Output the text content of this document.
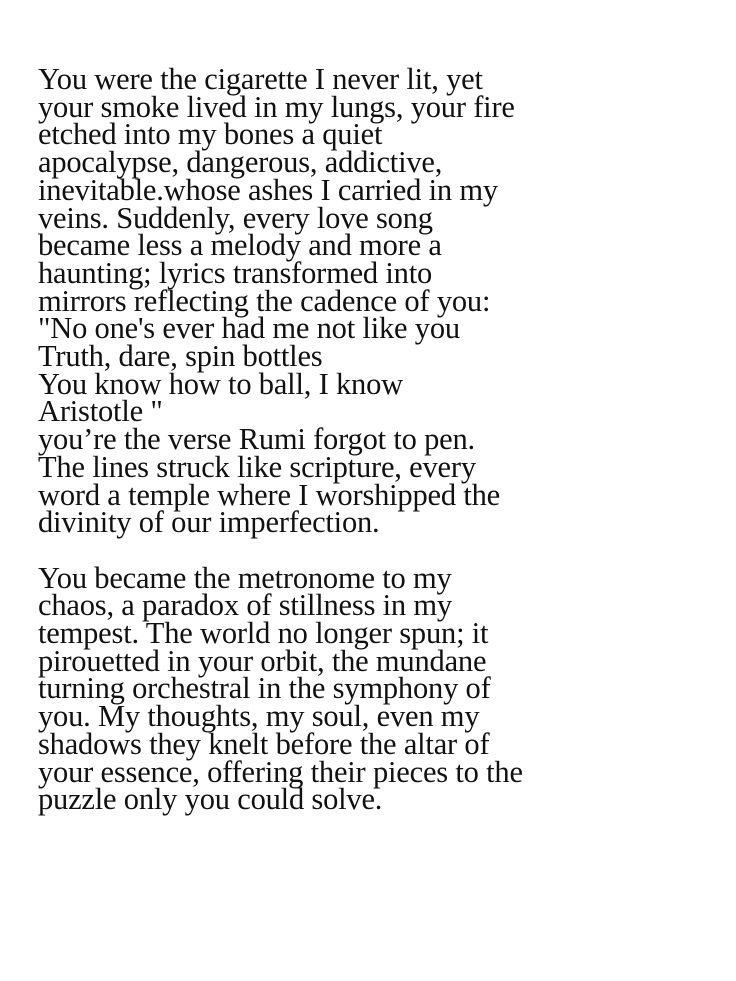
You were the cigarette I never lit, yet
your smoke lived in my lungs, your fire
etched into my bones a quiet
apocalypse, dangerous, addictive,
inevitable.whose ashes I carried in my
veins. Suddenly, every love song
became less a melody and more a
haunting; lyrics transformed into
mirrors reflecting the cadence of you:
"No one's ever had me not like you
Truth, dare, spin bottles
You know how to ball, I know
Aristotle "
you’re the verse Rumi forgot to pen.
The lines struck like scripture, every
word a temple where I worshipped the
divinity of our imperfection.

You became the metronome to my
chaos, a paradox of stillness in my
tempest. The world no longer spun; it
pirouetted in your orbit, the mundane
turning orchestral in the symphony of
you. My thoughts, my soul, even my
shadows they knelt before the altar of
your essence, offering their pieces to the
puzzle only you could solve.
